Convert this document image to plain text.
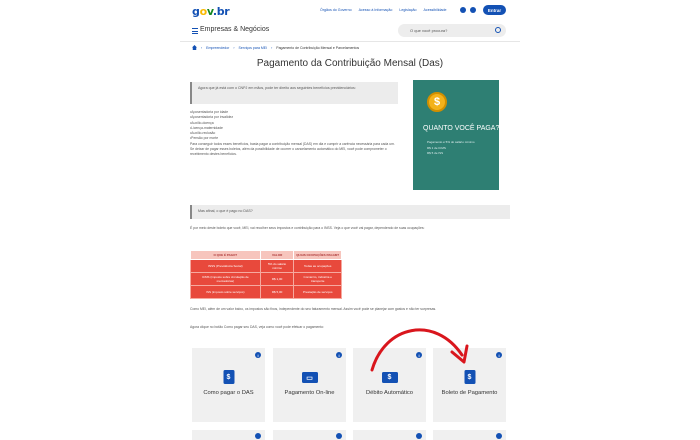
gov.br	Órgãos do Governo Acesso à Informação Legislação Acessibilidade	Entrar
Empresas & Negócios	O que você procura?
› Empreendedor › Serviços para MEI › Pagamento de Contribuição Mensal e Parcelamentos
Pagamento da Contribuição Mensal (Das)
Agora que já está com o CNPJ em mãos, pode ter direito aos seguintes benefícios previdenciários:
•Aposentadoria por idade
•Aposentadoria por invalidez
•Auxílio-doença
•Licença-maternidade
•Auxílio-reclusão
•Pensão por morte
Para conseguir todos esses benefícios, basta pagar a contribuição mensal (DAS) em dia e cumprir a carência necessária para cada um.
Se deixar de pagar esses boletos, além da possibilidade de ocorrer o cancelamento automático do MEI, você pode comprometer o recebimento destes benefícios.
$
QUANTO VOCÊ PAGA?
Pagamento é 5% do salário mínimo
R$ 1 de ICMS
R$ 5 de ISS
Mas afinal, o que é pago no DAS?
É por meio deste boleto que você, MEI, vai recolher seus impostos e contribuição para o INSS. Veja o que você vai pagar, dependendo de suas ocupações:
O QUE É PAGO?	VALOR	QUAIS OCUPAÇÕES PAGAM?
INSS (Previdência Social)	5% do salário mínimo	Todas as ocupações
ICMS (imposto sobre circulação de mercadorias)	R$ 1,00	Comércio, indústria e transporte
ISS (imposto sobre serviços)	R$ 5,00	Prestação de serviços
Como MEI, além de um valor baixo, os impostos são fixos, independente do seu faturamento mensal. Assim você pode se planejar com gastos e não ter surpresas.
Agora clique no botão Como pagar seu DAS, veja como você pode efetuar o pagamento:
i
$
Como pagar o DAS
i
▭
Pagamento On-line
i
$
Débito Automático
i
$
Boleto de Pagamento
